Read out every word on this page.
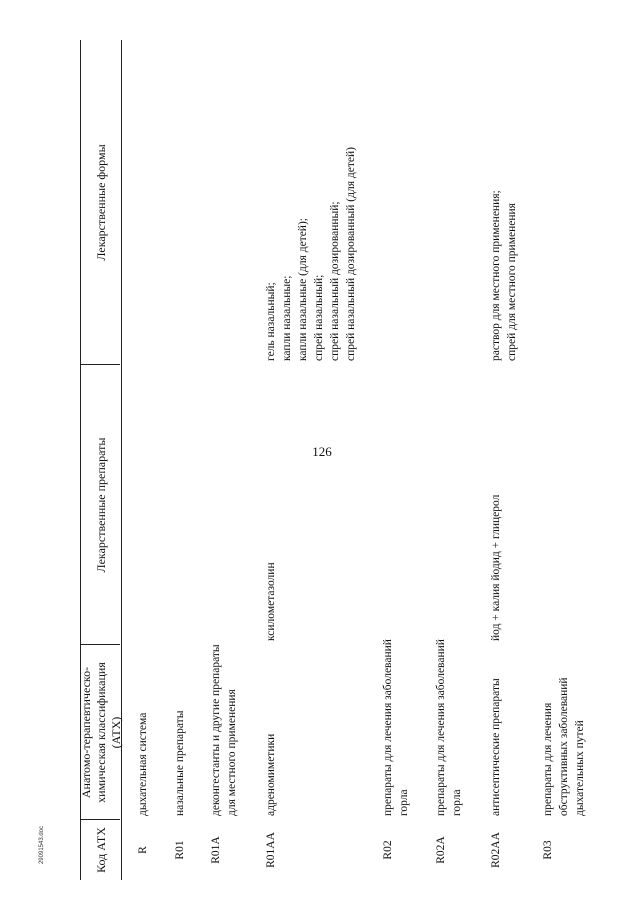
Код АТХ
Анатомо-терапевтическо-химическая классификация (АТХ)
Лекарственные препараты
Лекарственные формы
R
дыхательная система
R01
назальные препараты
R01A
деконгестанты и другие препараты для местного применения
R01AA
адреномиметики
ксилометазолин
гель назальный; капли назальные; капли назальные (для детей); спрей назальный; спрей назальный дозированный; спрей назальный дозированный (для детей)
R02
препараты для лечения заболеваний горла
R02A
препараты для лечения заболеваний горла
R02AA
антисептические препараты
йод + калия йодид + глицерол
раствор для местного применения; спрей для местного применения
R03
препараты для лечения обструктивных заболеваний дыхательных путей
126
29091543.doc
